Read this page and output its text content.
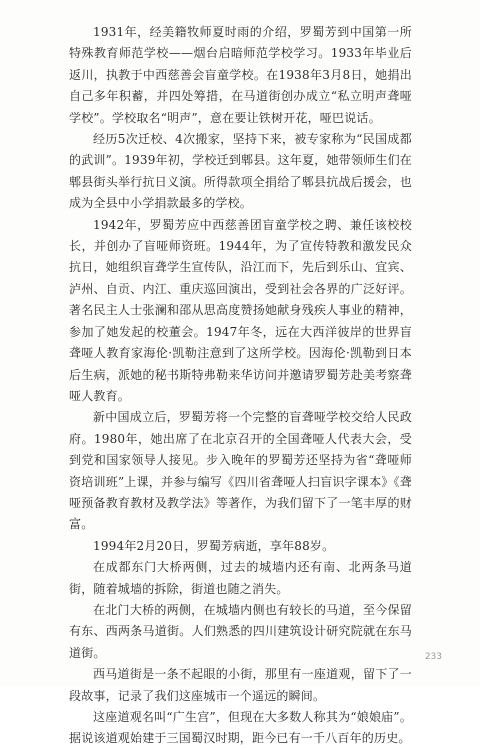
1931年，经美籍牧师夏时雨的介绍，罗蜀芳到中国第一所特殊教育师范学校——烟台启暗师范学校学习。1933年毕业后返川，执教于中西慈善会盲童学校。在1938年3月8日，她捐出自己多年积蓄，并四处筹措，在马道街创办成立“私立明声聋哑学校”。学校取名“明声”，意在要让铁树开花，哑巴说话。

经历5次迁校、4次搬家，坚持下来，被专家称为“民国成都的武训”。1939年初，学校迁到郫县。这年夏，她带领师生们在郫县街头举行抗日义演。所得款项全捐给了郫县抗战后援会，也成为全县中小学捐款最多的学校。

1942年，罗蜀芳应中西慈善团盲童学校之聘、兼任该校校长，并创办了盲哑师资班。1944年，为了宣传特教和激发民众抗日，她组织盲聋学生宣传队，沿江而下，先后到乐山、宜宾、泸州、自贡、内江、重庆巡回演出，受到社会各界的广泛好评。著名民主人士张澜和邵从思高度赞扬她献身残疾人事业的精神，参加了她发起的校董会。1947年冬，远在大西洋彼岸的世界盲聋哑人教育家海伦·凯勒注意到了这所学校。因海伦·凯勒到日本后生病，派她的秘书斯特弗勒来华访问并邀请罗蜀芳赴美考察聋哑人教育。

新中国成立后，罗蜀芳将一个完整的盲聋哑学校交给人民政府。1980年，她出席了在北京召开的全国聋哑人代表大会，受到党和国家领导人接见。步入晚年的罗蜀芳还坚持为省“聋哑师资培训班”上课，并参与编写《四川省聋哑人扫盲识字课本》《聋哑预备教育教材及教学法》等著作，为我们留下了一笔丰厚的财富。

1994年2月20日，罗蜀芳病逝，享年88岁。

在成都东门大桥两侧，过去的城墙内还有南、北两条马道街，随着城墙的拆除，街道也随之消失。

在北门大桥的两侧，在城墙内侧也有较长的马道，至今保留有东、西两条马道街。人们熟悉的四川建筑设计研究院就在东马道街。

西马道街是一条不起眼的小街，那里有一座道观，留下了一段故事，记录了我们这座城市一个遥远的瞬间。

这座道观名叫“广生宫”，但现在大多数人称其为“娘娘庙”。据说该道观始建于三国蜀汉时期，距今已有一千八百年的历史。

233
